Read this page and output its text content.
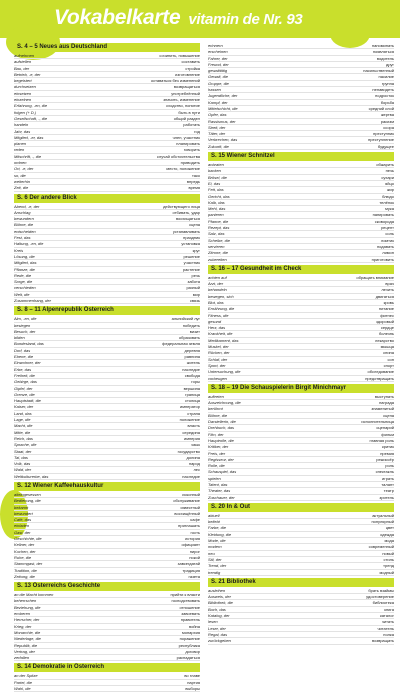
Vokabelkarte vitamin de Nr. 93
S. 4 – 5 Neues aus Deutschland
aufnehmen	сочинить, повышение
aufstellen	составить
Bau, der	стройка
Betrieb, -e, der	изготовление
begeistert	оставаться без изменений
durchsetzen	возвращаться
einsetzen	употреблённый
einzelnen	значить, изменение
Erfahrung, -en, die	сходство, понятие
folgen (+ D.)	быть в пути
Gesellschaft, -, die	общий раздел
handeln	работать
Jahr, das	год
Mitglied, -er, das	член, участник
planen	планировать
reden	говорить
Mitschrift, -, die	случай обстоятельства
ordnen	приводить
Ort, -e, der	место, положение
so, die	тако
weiterhin	впредь
Zeit, die	время
S. 6 Der andere Blick
Abend, -e, der	действующего лица
Anschlag	отбивать, удар
bewundern	восхищаться
Bühne, die	сцена
entscheiden	устанавливать
Fest, das	праздник
Haltung, -en, die	установка
Kreis	круг
Lösung, die	решение
Mitglied, das	участник
Pflanze, die	растение
Rede, die	речь
Sorge, die	забота
verschieden	разный
Welt, die	мир
Zusammenhang, der	связь
S. 8 – 11 Alpenrepublik Österreich
Alm, -en, die	альпийский луг
besiegen	победить
Besuch, der	визит
bilden	образовать
Bundesland, das	федеральная земля
Dorf, das	деревня
Ebene, die	равнина
Einwohner, der	житель
Erbe, das	наследие
Freiheit, die	свобода
Gebirge, das	горы
Gipfel, der	вершина
Grenze, die	граница
Hauptstadt, die	столица
Kaiser, der	император
Land, das	страна
Lage, die	положение
Macht, die	власть
Mitte, die	середина
Reich, das	империя
Sprache, die	язык
Staat, der	государство
Tal, das	долина
Volk, das	народ
Wald, der	лес
Weltkulturerbe, das	наследие
S. 12 Wiener Kaffeehauskultur
alteingesessen	исконный
Bedienung, die	обслуживание
bekannt	известный
bewundert	восхищённый
Café, das	кафе
einladen	приглашать
Gast, der	гость
Geschichte, die	история
Kellner, der	официант
Kuchen, der	пирог
Ruhe, die	покой
Stammgast, der	завсегдатай
Tradition, die	традиция
Zeitung, die	газета
S. 13 Österreichs Geschichte
an die Macht kommen	прийти к власти
beherrschen	господствовать
Beziehung, die	отношение
eroberen	завоевать
Herrscher, der	правитель
Krieg, der	война
Monarchie, die	монархия
Niederlage, die	поражение
Republik, die	республика
Vertrag, der	договор
zerfallen	распадаться
S. 14 Demokratie in Österreich
an der Spitze	во главе
Partei, die	партия
Wahl, die	выборы
erinnern	напоминать
erscheinen	появляться
Fahrer, der	водитель
Freund, der	друг
gewalttätig	насильственный
Gewalt, die	насилие
Gruppe, die	группа
hassen	ненавидеть
Jugendliche, der	подросток
Kampf, der	борьба
Mittelschicht, die	средний слой
Opfer, das	жертва
Rassismus, der	расизм
Streit, der	ссора
Täter, der	преступник
Verbrechen, das	преступление
Zukunft, die	будущее
S. 15 Wiener Schnitzel
anbraten	обжарить
backen	печь
Brösel, die	сухари
Ei, das	яйцо
Fett, das	жир
Gericht, das	блюдо
Kalb, das	телёнок
Mehl, das	мука
panieren	панировать
Pfanne, die	сковорода
Rezept, das	рецепт
Salz, das	соль
Scheibe, die	ломтик
servieren	подавать
Zitrone, die	лимон
zubereiten	приготовить
S. 16 – 17 Gesundheit im Check
achten auf	обращать внимание
Arzt, der	врач
behandeln	лечить
bewegen, sich	двигаться
Blut, das	кровь
Ernährung, die	питание
Fitness, die	фитнес
gesund	здоровый
Herz, das	сердце
Krankheit, die	болезнь
Medikament, das	лекарство
Muskel, der	мышца
Rücken, der	спина
Schlaf, der	сон
Sport, der	спорт
Untersuchung, die	обследование
vorbeugen	предотвращать
S. 18 – 19 Die Schauspielerin Birgit Minichmayr
auftreten	выступать
Auszeichnung, die	награда
berühmt	знаменитый
Bühne, die	сцена
Darstellerin, die	исполнительница
Drehbuch, das	сценарий
Film, der	фильм
Hauptrolle, die	главная роль
Kritiker, der	критик
Preis, der	премия
Regisseur, der	режиссёр
Rolle, die	роль
Schauspiel, das	спектакль
spielen	играть
Talent, das	талант
Theater, das	театр
Zuschauer, der	зритель
S. 20 In & Out
aktuell	актуальный
beliebt	популярный
Farbe, die	цвет
Kleidung, die	одежда
Mode, die	мода
modern	современный
neu	новый
Stil, der	стиль
Trend, der	тренд
trendig	модный
S. 21 Bibliothek
ausleihen	брать взаймы
Ausweis, der	удостоверение
Bibliothek, die	библиотека
Buch, das	книга
Katalog, der	каталог
lesen	читать
Leser, der	читатель
Regal, das	полка
zurückgeben	возвращать
